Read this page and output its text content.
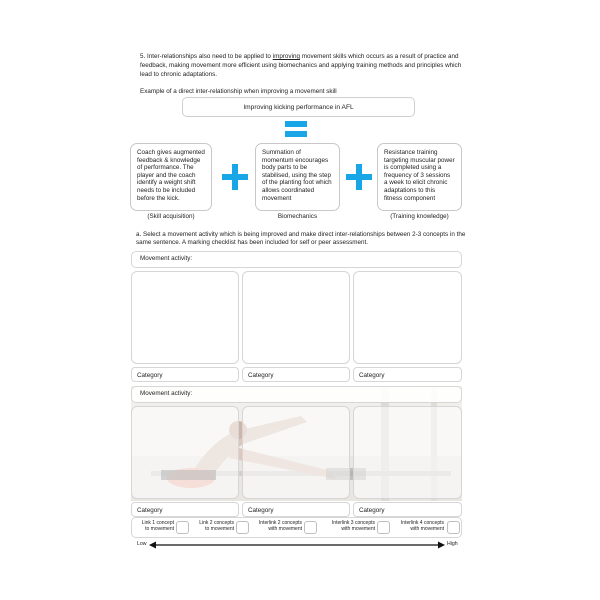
5. Inter-relationships also need to be applied to improving movement skills which occurs as a result of practice and feedback, making movement more efficient using biomechanics and applying training methods and principles which lead to chronic adaptations.
Example of a direct inter-relationship when improving a movement skill
Improving kicking performance in AFL
Coach gives augmented feedback & knowledge of performance. The player and the coach identify a weight shift needs to be included before the kick.
Summation of momentum encourages body parts to be stabilised, using the step of the planting foot which allows coordinated movement
Resistance training targeting muscular power is completed using a frequency of 3 sessions a week to elicit chronic adaptations to this fitness component
(Skill acquisition)	Biomechanics	(Training knowledge)
a. Select a movement activity which is being improved and make direct inter-relationships between 2-3 concepts in the same sentence. A marking checklist has been included for self or peer assessment.
Movement activity:
Category	Category	Category
Movement activity:
Category	Category	Category
Link 1 concept
to movement
Link 2 concepts
to movement
Interlink 2 concepts
with movement
Interlink 3 concepts
with movement
Interlink 4 concepts
with movement
Low	High
